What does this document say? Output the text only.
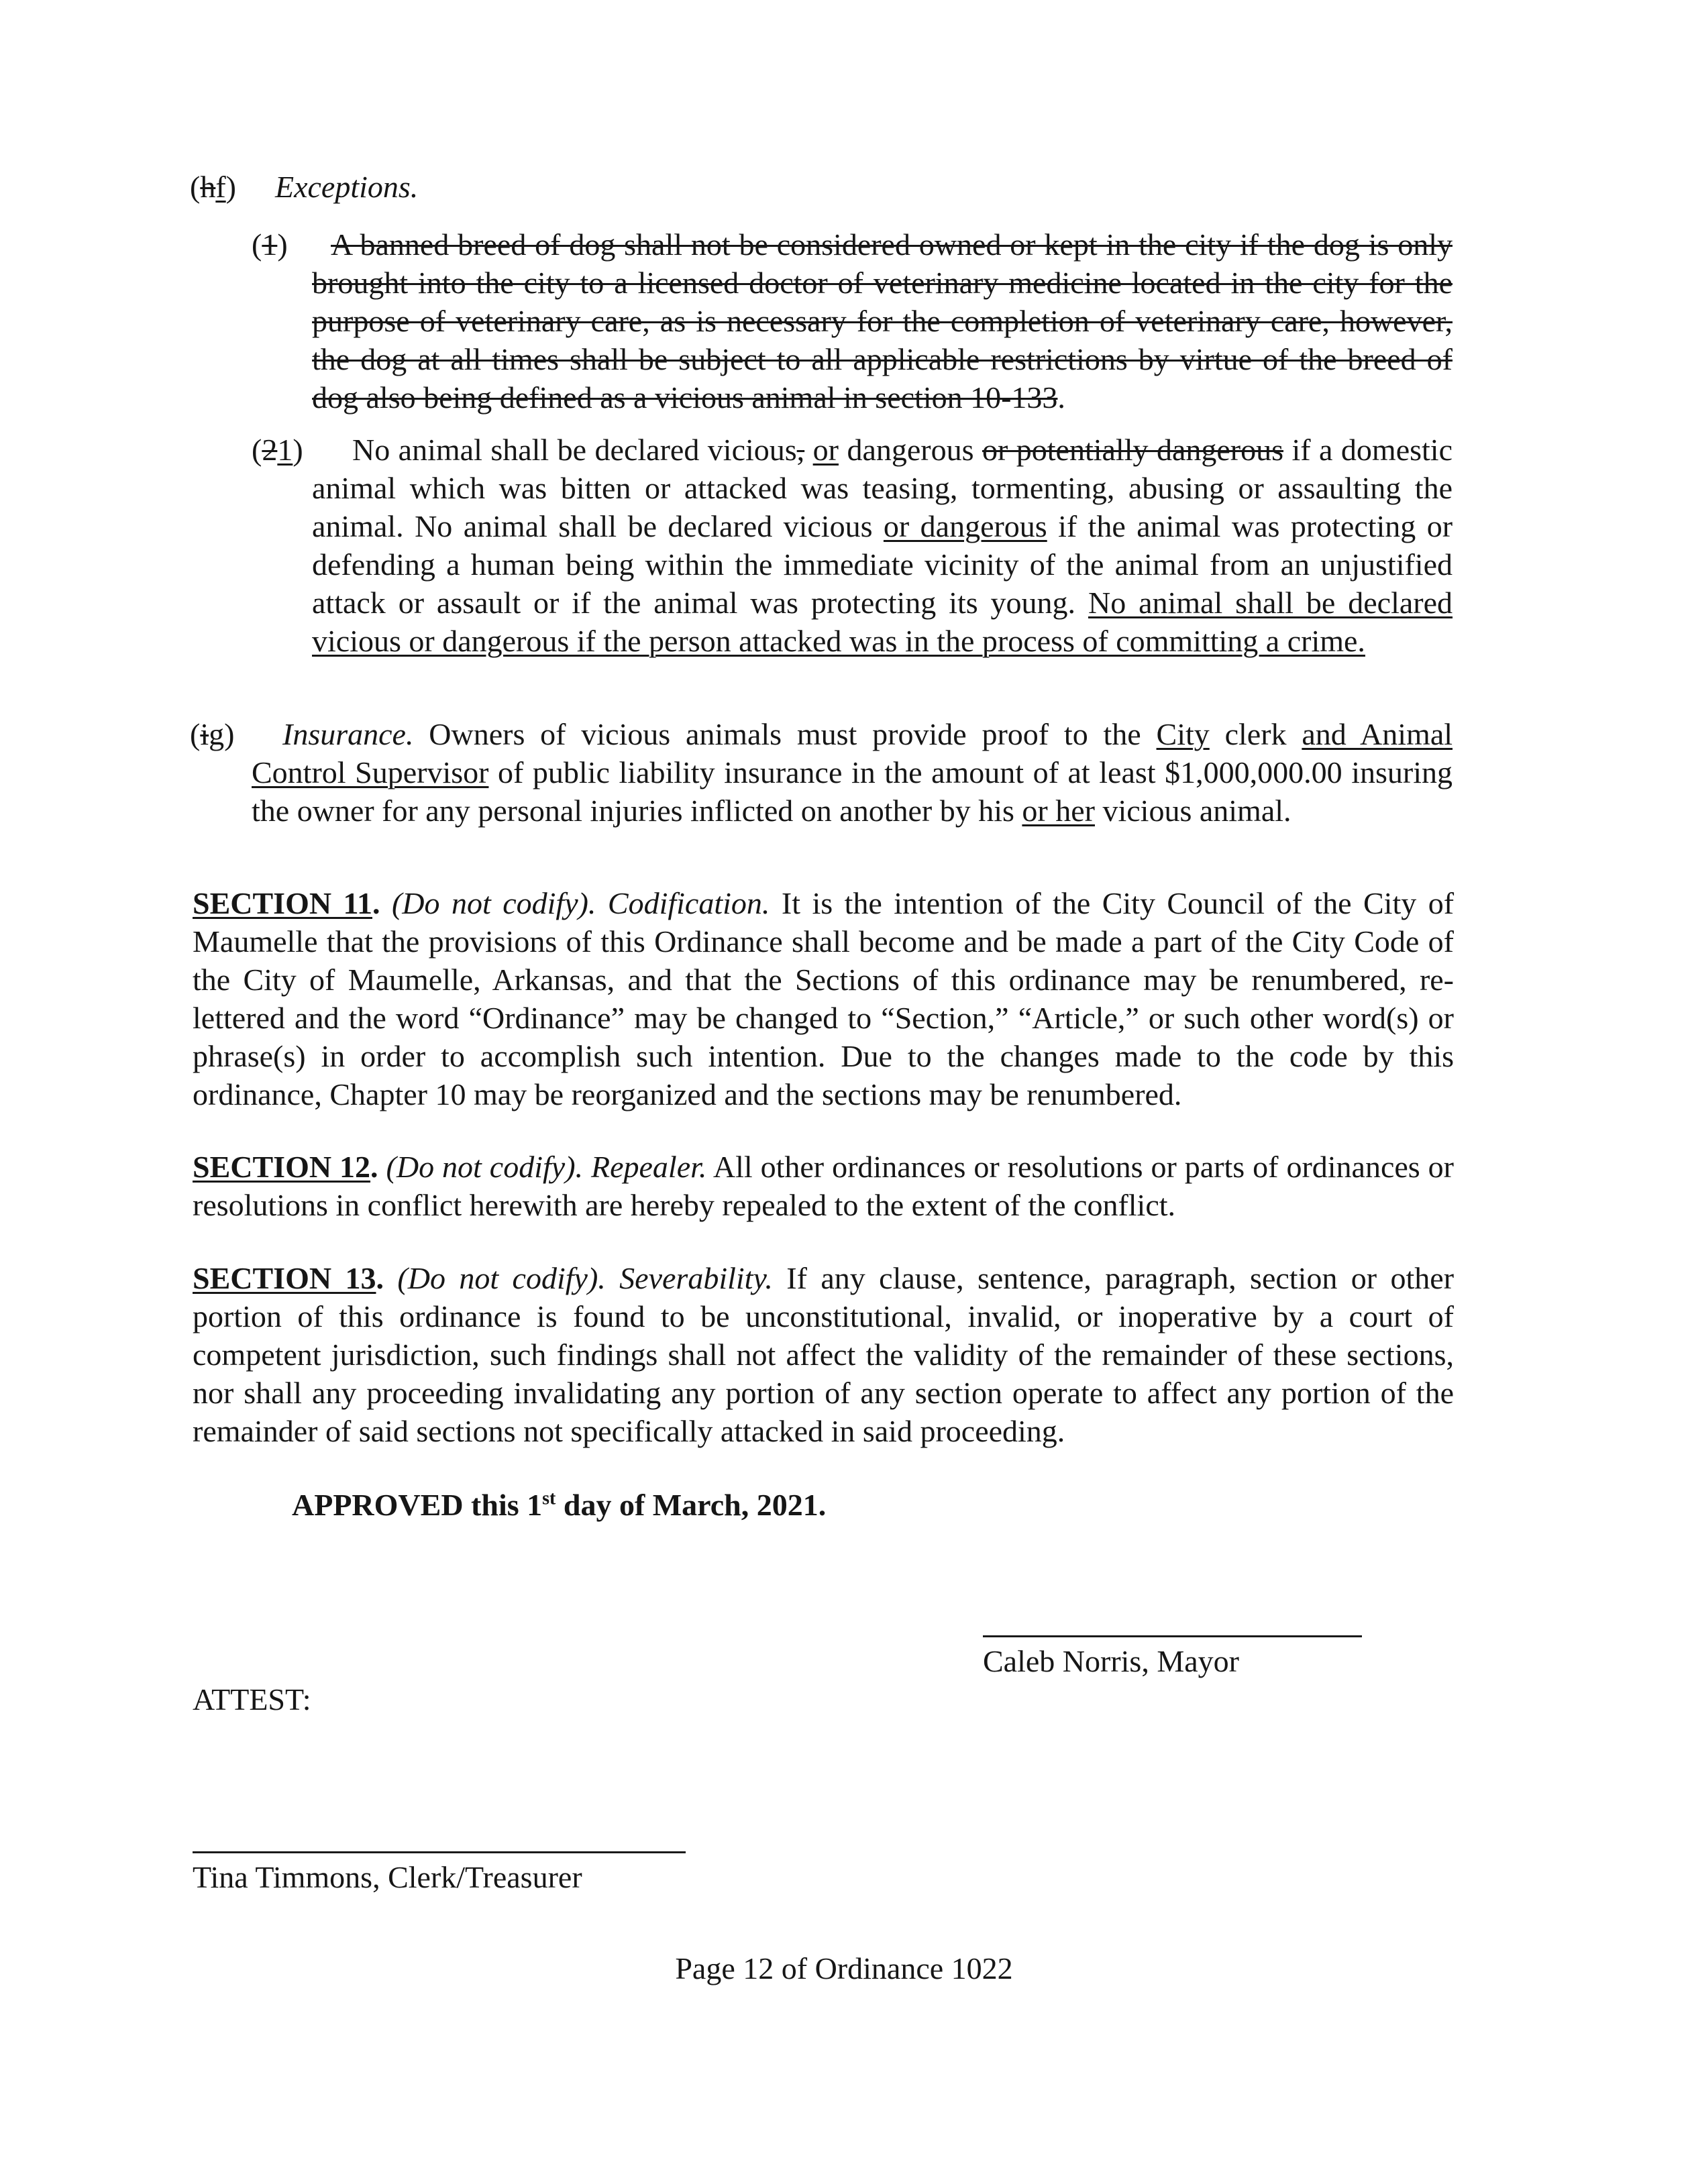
(hf) Exceptions.
(1)	A banned breed of dog shall not be considered owned or kept in the city if the dog is only brought into the city to a licensed doctor of veterinary medicine located in the city for the purpose of veterinary care, as is necessary for the completion of veterinary care, however, the dog at all times shall be subject to all applicable restrictions by virtue of the breed of dog also being defined as a vicious animal in section 10-133.
(21)	No animal shall be declared vicious, or dangerous or potentially dangerous if a domestic animal which was bitten or attacked was teasing, tormenting, abusing or assaulting the animal. No animal shall be declared vicious or dangerous if the animal was protecting or defending a human being within the immediate vicinity of the animal from an unjustified attack or assault or if the animal was protecting its young. No animal shall be declared vicious or dangerous if the person attacked was in the process of committing a crime.
(ig)	Insurance. Owners of vicious animals must provide proof to the City clerk and Animal Control Supervisor of public liability insurance in the amount of at least $1,000,000.00 insuring the owner for any personal injuries inflicted on another by his or her vicious animal.
SECTION 11. (Do not codify). Codification. It is the intention of the City Council of the City of Maumelle that the provisions of this Ordinance shall become and be made a part of the City Code of the City of Maumelle, Arkansas, and that the Sections of this ordinance may be renumbered, re-lettered and the word “Ordinance” may be changed to “Section,” “Article,” or such other word(s) or phrase(s) in order to accomplish such intention. Due to the changes made to the code by this ordinance, Chapter 10 may be reorganized and the sections may be renumbered.
SECTION 12. (Do not codify). Repealer. All other ordinances or resolutions or parts of ordinances or resolutions in conflict herewith are hereby repealed to the extent of the conflict.
SECTION 13. (Do not codify). Severability. If any clause, sentence, paragraph, section or other portion of this ordinance is found to be unconstitutional, invalid, or inoperative by a court of competent jurisdiction, such findings shall not affect the validity of the remainder of these sections, nor shall any proceeding invalidating any portion of any section operate to affect any portion of the remainder of said sections not specifically attacked in said proceeding.
APPROVED this 1st day of March, 2021.
Caleb Norris, Mayor
ATTEST:
Tina Timmons, Clerk/Treasurer
Page 12 of Ordinance 1022
